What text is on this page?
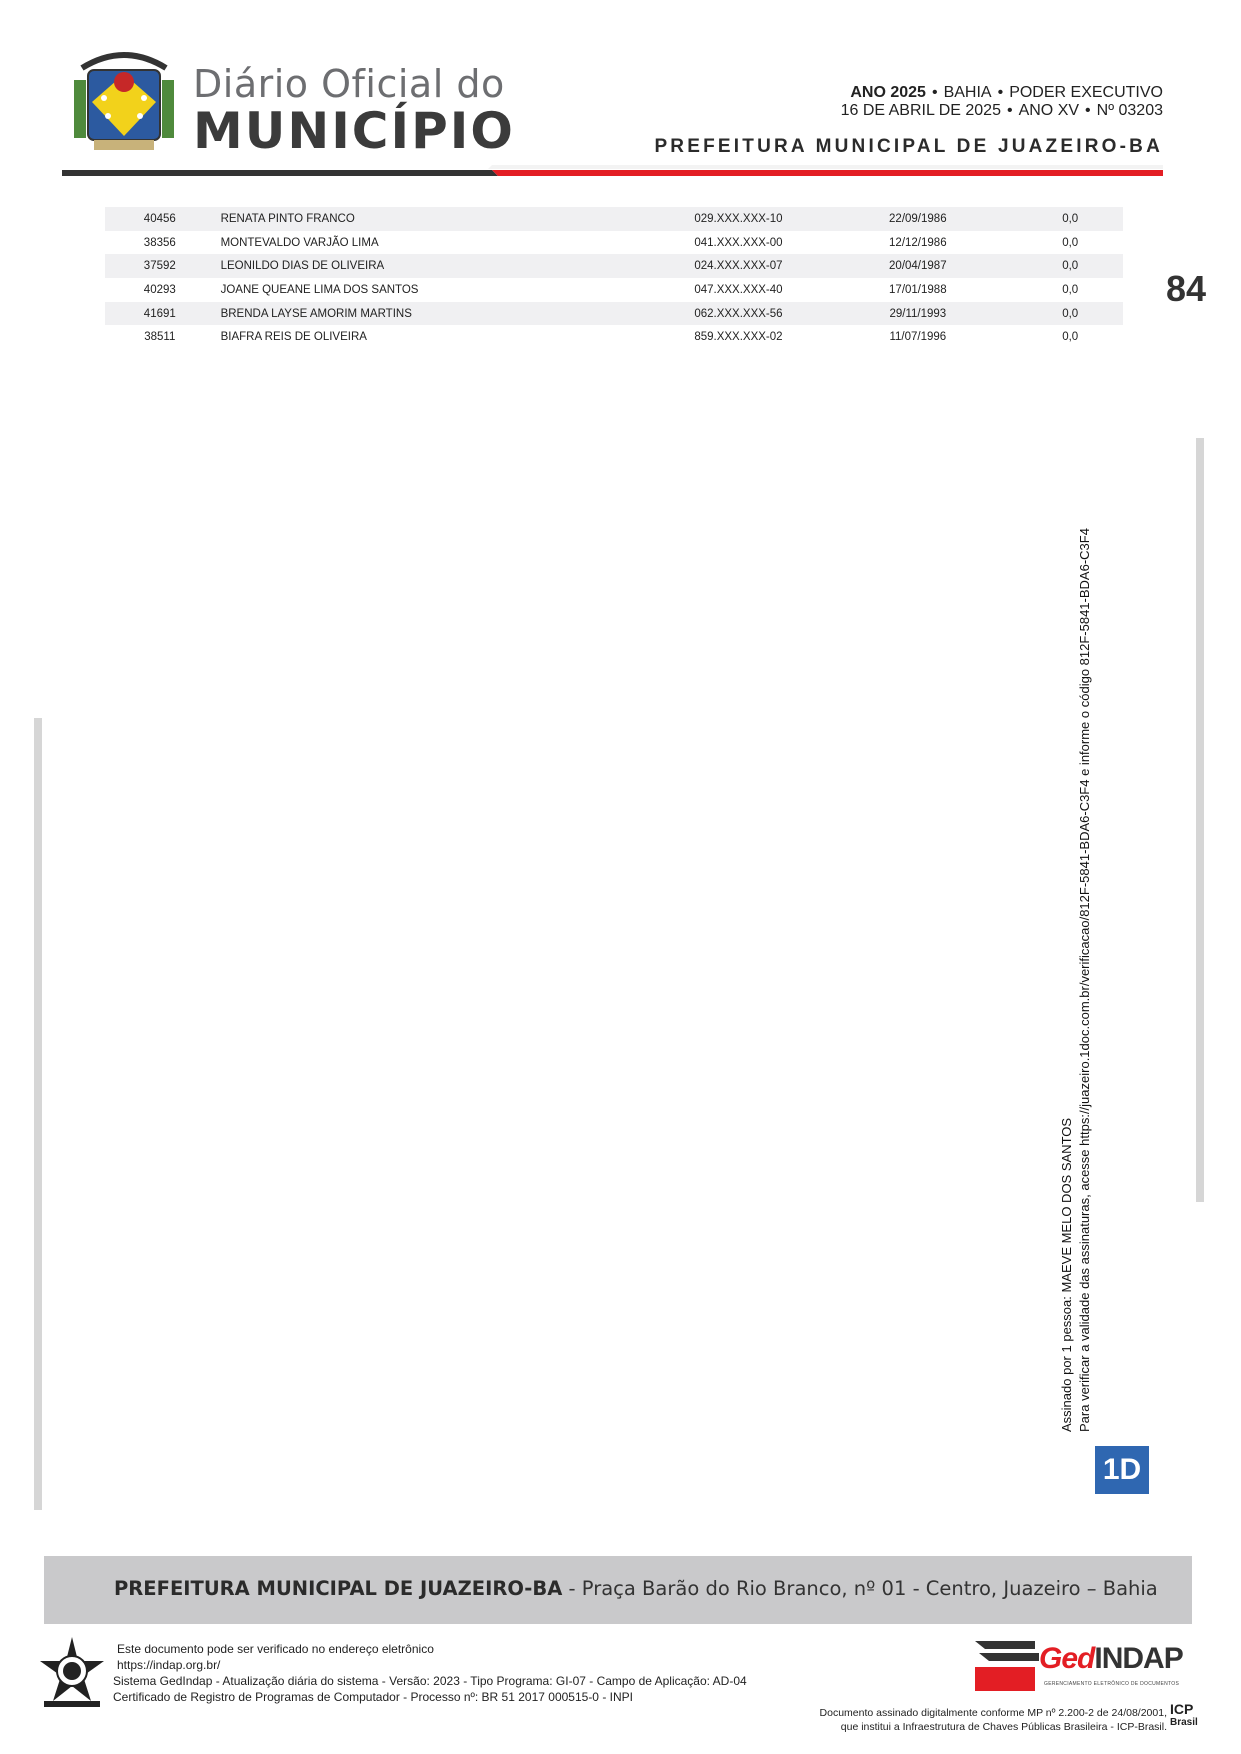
Diário Oficial do
MUNICÍPIO
ANO 2025 • BAHIA • PODER EXECUTIVO
16 DE ABRIL DE 2025 • ANO XV • Nº 03203
PREFEITURA MUNICIPAL DE JUAZEIRO-BA
84
40456	RENATA PINTO FRANCO	029.XXX.XXX-10	22/09/1986	0,0
38356	MONTEVALDO VARJÃO LIMA	041.XXX.XXX-00	12/12/1986	0,0
37592	LEONILDO DIAS DE OLIVEIRA	024.XXX.XXX-07	20/04/1987	0,0
40293	JOANE QUEANE LIMA DOS SANTOS	047.XXX.XXX-40	17/01/1988	0,0
41691	BRENDA LAYSE AMORIM MARTINS	062.XXX.XXX-56	29/11/1993	0,0
38511	BIAFRA REIS DE OLIVEIRA	859.XXX.XXX-02	11/07/1996	0,0
Assinado por 1 pessoa: MAEVE MELO DOS SANTOS Para verificar a validade das assinaturas, acesse https://juazeiro.1doc.com.br/verificacao/812F-5841-BDA6-C3F4 e informe o código 812F-5841-BDA6-C3F4
1D
PREFEITURA MUNICIPAL DE JUAZEIRO-BA - Praça Barão do Rio Branco, nº 01 - Centro, Juazeiro – Bahia
Este documento pode ser verificado no endereço eletrônico
https://indap.org.br/
Sistema GedIndap - Atualização diária do sistema - Versão: 2023 - Tipo Programa: GI-07 - Campo de Aplicação: AD-04
Certificado de Registro de Programas de Computador - Processo nº: BR 51 2017 000515-0 - INPI
GedINDAP
GERENCIAMENTO ELETRÔNICO DE DOCUMENTOS
Documento assinado digitalmente conforme MP nº 2.200-2 de 24/08/2001,
que institui a Infraestrutura de Chaves Públicas Brasileira - ICP-Brasil.
ICP
Brasil
